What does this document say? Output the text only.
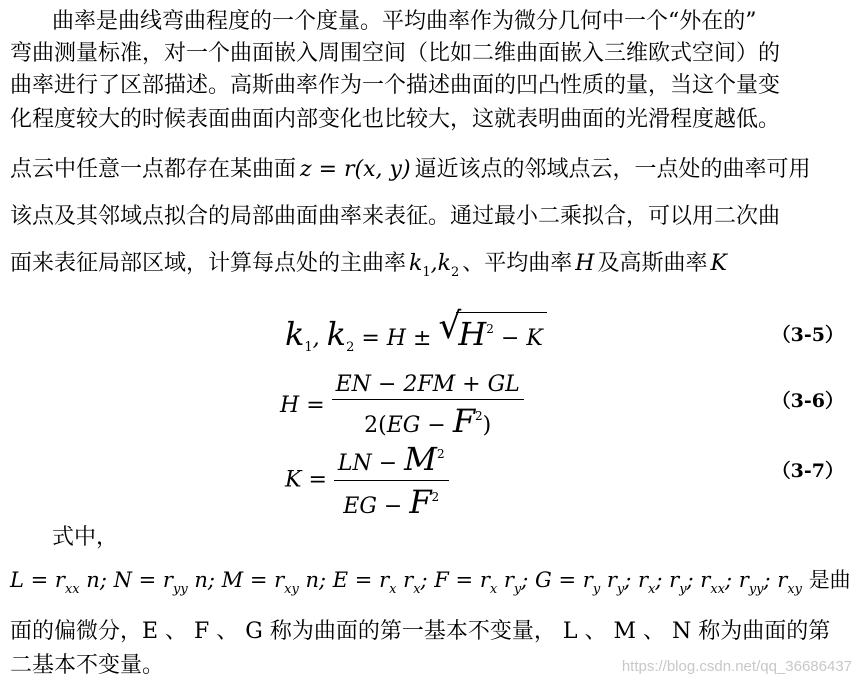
曲率是曲线弯曲程度的一个度量。平均曲率作为微分几何中一个“外在的”
弯曲测量标准，对一个曲面嵌入周围空间（比如二维曲面嵌入三维欧式空间）的
曲率进行了区部描述。高斯曲率作为一个描述曲面的凹凸性质的量，当这个量变
化程度较大的时候表面曲面内部变化也比较大，这就表明曲面的光滑程度越低。
点云中任意一点都存在某曲面 z = r(x, y) 逼近该点的邻域点云，一点处的曲率可用
该点及其邻域点拟合的局部曲面曲率来表征。通过最小二乘拟合，可以用二次曲
面来表征局部区域，计算每点处的主曲率 $k_1,k_2$ 、平均曲率 H 及高斯曲率 K
$k_1$, $k_2 = H$ ± √
$H^2 - K$	（3-5）
$H = \frac{EN - 2FM + GL}{2(EG - F^2)}$	（3-6）
$K = \frac{LN - M^2}{EG - F^2}$	（3-7）
式中，
$L = r_{xx}$ n; $N = r_{yy}$ n; $M = r_{xy}$ n; $E = r_x$ $r_x$; $F = r_x$ $r_y$; $G = r_y$ $r_y$; $r_x$; $r_y$; $r_{xx}$; $r_{yy}$; $r_{xy}$ 是曲
面的偏微分，E 、 F 、 G 称为曲面的第一基本不变量， L 、 M 、 N 称为曲面的第
二基本不变量。	https://blog.csdn.net/qq_36686437
